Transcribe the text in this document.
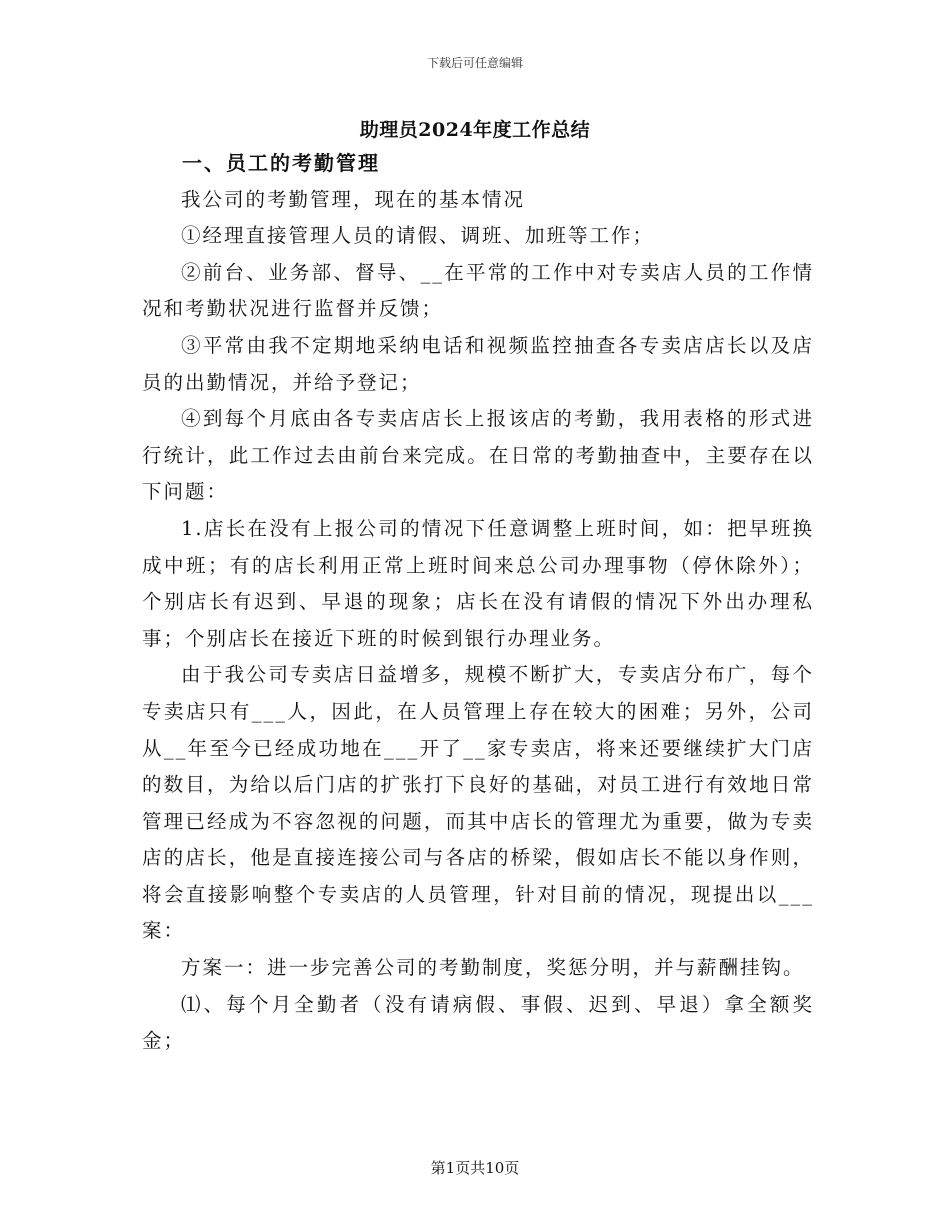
下载后可任意编辑
助理员2024年度工作总结

一、员工的考勤管理

我公司的考勤管理，现在的基本情况

①经理直接管理人员的请假、调班、加班等工作；

②前台、业务部、督导、__在平常的工作中对专卖店人员的工作情况和考勤状况进行监督并反馈；

③平常由我不定期地采纳电话和视频监控抽查各专卖店店长以及店员的出勤情况，并给予登记；

④到每个月底由各专卖店店长上报该店的考勤，我用表格的形式进行统计，此工作过去由前台来完成。在日常的考勤抽查中，主要存在以下问题：

1.店长在没有上报公司的情况下任意调整上班时间，如：把早班换成中班；有的店长利用正常上班时间来总公司办理事物（停休除外）；个别店长有迟到、早退的现象；店长在没有请假的情况下外出办理私事；个别店长在接近下班的时候到银行办理业务。

由于我公司专卖店日益增多，规模不断扩大，专卖店分布广，每个专卖店只有___人，因此，在人员管理上存在较大的困难；另外，公司从__年至今已经成功地在___开了__家专卖店，将来还要继续扩大门店的数目，为给以后门店的扩张打下良好的基础，对员工进行有效地日常管理已经成为不容忽视的问题，而其中店长的管理尤为重要，做为专卖店的店长，他是直接连接公司与各店的桥梁，假如店长不能以身作则，将会直接影响整个专卖店的人员管理，针对目前的情况，现提出以___案：

方案一：进一步完善公司的考勤制度，奖惩分明，并与薪酬挂钩。

⑴、每个月全勤者（没有请病假、事假、迟到、早退）拿全额奖金；

第1页共10页
